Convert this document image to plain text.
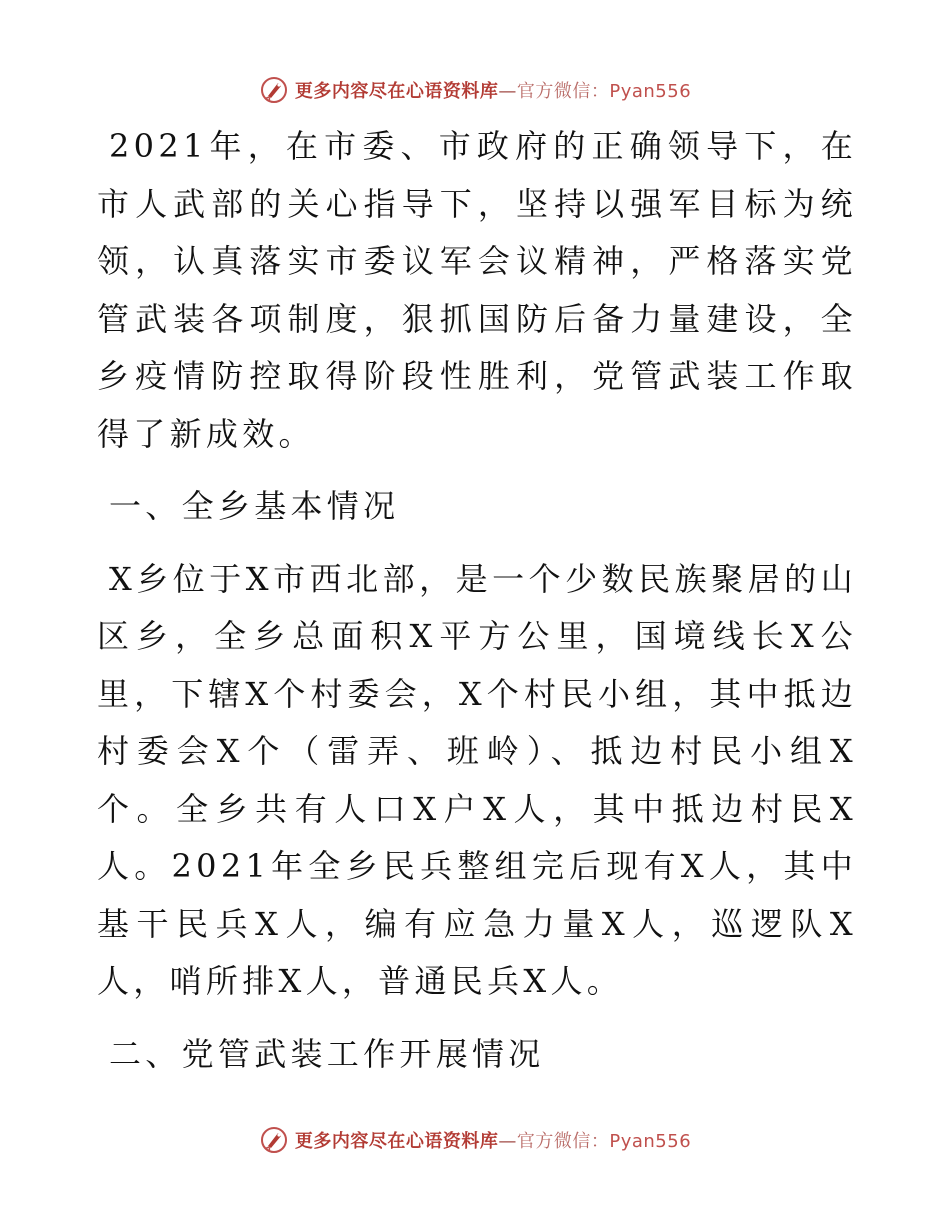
更多内容尽在心语资料库—官方微信：Pyan556

2021年，在市委、市政府的正确领导下，在市人武部的关心指导下，坚持以强军目标为统领，认真落实市委议军会议精神，严格落实党管武装各项制度，狠抓国防后备力量建设，全乡疫情防控取得阶段性胜利，党管武装工作取得了新成效。

一、全乡基本情况

X乡位于X市西北部，是一个少数民族聚居的山区乡，全乡总面积X平方公里，国境线长X公里，下辖X个村委会，X个村民小组，其中抵边村委会X个（雷弄、班岭）、抵边村民小组X个。全乡共有人口X户X人，其中抵边村民X人。2021年全乡民兵整组完后现有X人，其中基干民兵X人，编有应急力量X人，巡逻队X人，哨所排X人，普通民兵X人。

二、党管武装工作开展情况

更多内容尽在心语资料库—官方微信：Pyan556
